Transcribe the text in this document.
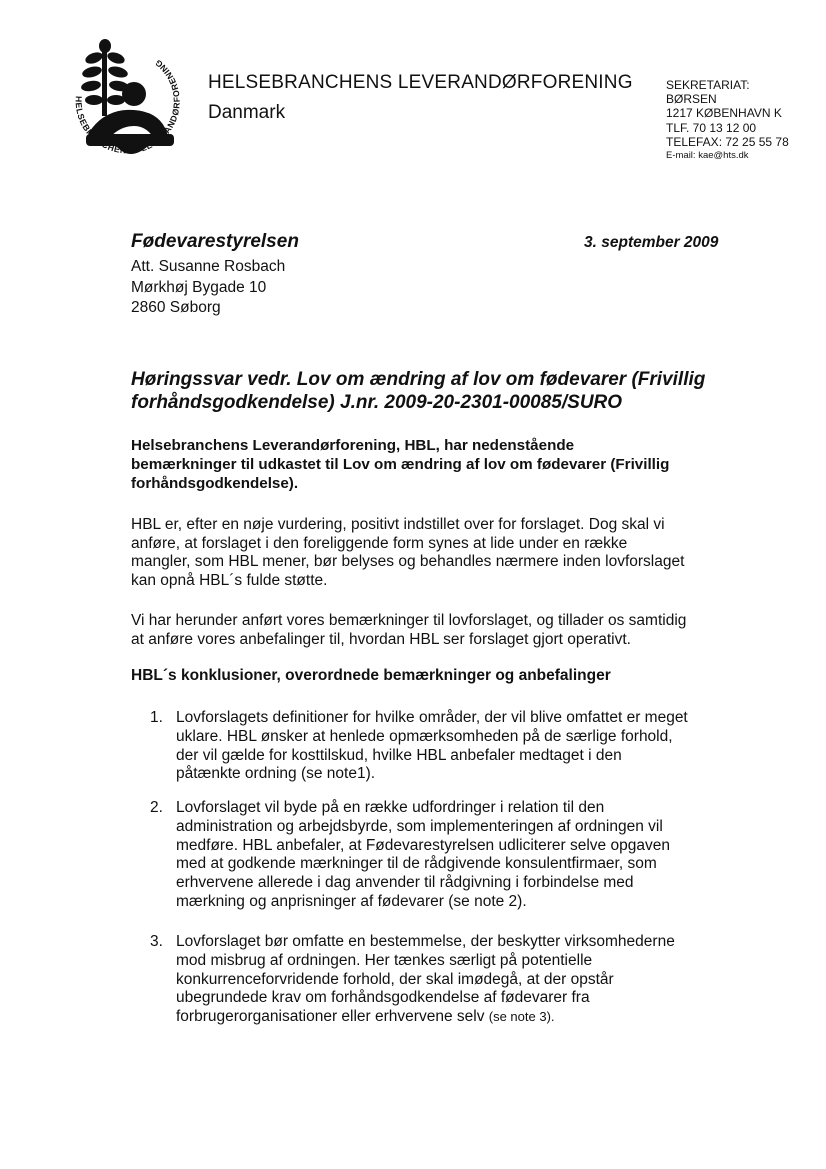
HELSEBRANCHENS · LEVERANDØRFORENING
HELSEBRANCHENS LEVERANDØRFORENING
Danmark
SEKRETARIAT:
BØRSEN
1217 KØBENHAVN K
TLF. 70 13 12 00
TELEFAX: 72 25 55 78
E-mail: kae@hts.dk
Fødevarestyrelsen	3. september 2009
Att. Susanne Rosbach
Mørkhøj Bygade 10
2860 Søborg
Høringssvar vedr. Lov om ændring af lov om fødevarer (Frivillig
forhåndsgodkendelse) J.nr. 2009-20-2301-00085/SURO
Helsebranchens Leverandørforening, HBL, har nedenstående
bemærkninger til udkastet til Lov om ændring af lov om fødevarer (Frivillig
forhåndsgodkendelse).
HBL er, efter en nøje vurdering, positivt indstillet over for forslaget. Dog skal vi
anføre, at forslaget i den foreliggende form synes at lide under en række
mangler, som HBL mener, bør belyses og behandles nærmere inden lovforslaget
kan opnå HBL´s fulde støtte.
Vi har herunder anført vores bemærkninger til lovforslaget, og tillader os samtidig
at anføre vores anbefalinger til, hvordan HBL ser forslaget gjort operativt.
HBL´s konklusioner, overordnede bemærkninger og anbefalinger
1. Lovforslagets definitioner for hvilke områder, der vil blive omfattet er meget
uklare. HBL ønsker at henlede opmærksomheden på de særlige forhold,
der vil gælde for kosttilskud, hvilke HBL anbefaler medtaget i den
påtænkte ordning (se note1).
2. Lovforslaget vil byde på en række udfordringer i relation til den
administration og arbejdsbyrde, som implementeringen af ordningen vil
medføre. HBL anbefaler, at Fødevarestyrelsen udliciterer selve opgaven
med at godkende mærkninger til de rådgivende konsulentfirmaer, som
erhvervene allerede i dag anvender til rådgivning i forbindelse med
mærkning og anprisninger af fødevarer (se note 2).
3. Lovforslaget bør omfatte en bestemmelse, der beskytter virksomhederne
mod misbrug af ordningen. Her tænkes særligt på potentielle
konkurrenceforvridende forhold, der skal imødegå, at der opstår
ubegrundede krav om forhåndsgodkendelse af fødevarer fra
forbrugerorganisationer eller erhvervene selv (se note 3).
